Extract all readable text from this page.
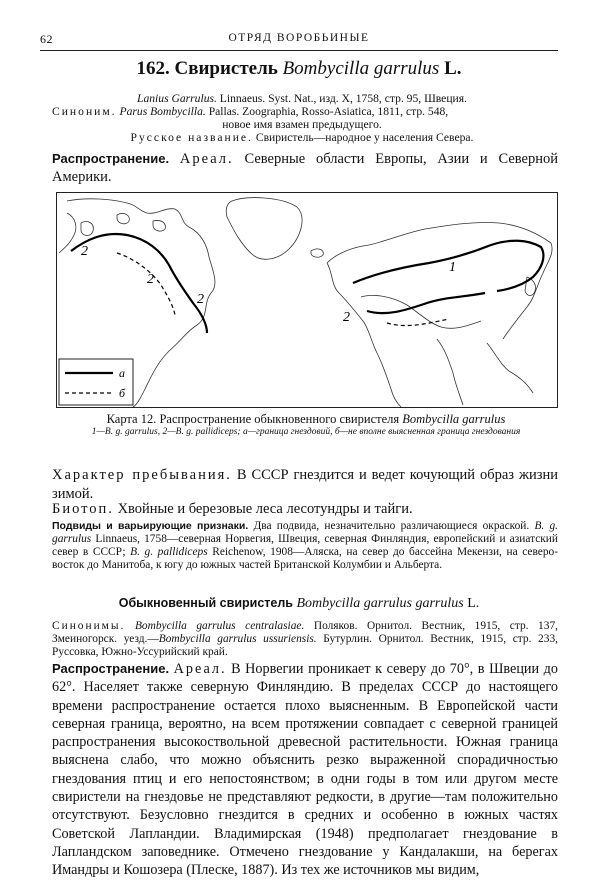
62	ОТРЯД ВОРОБЬИНЫЕ
162. Свиристель Bombycilla garrulus L.
Lanius Garrulus. Linnaeus. Syst. Nat., изд. X, 1758, стр. 95, Швеция.
Синоним. Parus Bombycilla. Pallas. Zoographia, Rosso-Asiatica, 1811, стр. 548,
новое имя взамен предыдущего.
Русское название. Свиристель—народное у населения Севера.
Распространение. Ареал. Северные области Европы, Азии и Северной Америки.
2
2
2
2
1
а
б
Карта 12. Распространение обыкновенного свиристеля Bombycilla garrulus
1—B. g. garrulus, 2—B. g. pallidiceps; а—граница гнездовий, б—не вполне выясненная граница гнездования
Характер пребывания. В СССР гнездится и ведет кочующий образ жизни зимой.
Биотоп. Хвойные и березовые леса лесотундры и тайги.
Подвиды и варьирующие признаки. Два подвида, незначительно различающиеся окраской. B. g. garrulus Linnaeus, 1758—северная Норвегия, Швеция, северная Финляндия, европейский и азиатский север в СССР; B. g. pallidiceps Reichenow, 1908—Аляска, на север до бассейна Мекензи, на северо-восток до Манитоба, к югу до южных частей Британской Колумбии и Альберта.
Обыкновенный свиристель Bombycilla garrulus garrulus L.
Синонимы. Bombycilla garrulus centralasiae. Поляков. Орнитол. Вестник, 1915, стр. 137, Змеиногорск. уезд.—Bombycilla garrulus ussuriensis. Бутурлин. Орнитол. Вестник, 1915, стр. 233, Руссовка, Южно-Уссурийский край.
Распространение. Ареал. В Норвегии проникает к северу до 70°, в Швеции до 62°. Населяет также северную Финляндию. В пределах СССР до настоящего времени распространение остается плохо выясненным. В Европейской части северная граница, вероятно, на всем протяжении совпадает с северной границей распространения высокоствольной древесной растительности. Южная граница выяснена слабо, что можно объяснить резко выраженной спорадичностью гнездования птиц и его непостоянством; в одни годы в том или другом месте свиристели на гнездовье не представляют редкости, в другие—там положительно отсутствуют. Безусловно гнездится в средних и особенно в южных частях Советской Лапландии. Владимирская (1948) предполагает гнездование в Лапландском заповеднике. Отмечено гнездование у Кандалакши, на берегах Имандры и Кошозера (Плеске, 1887). Из тех же источников мы видим,
